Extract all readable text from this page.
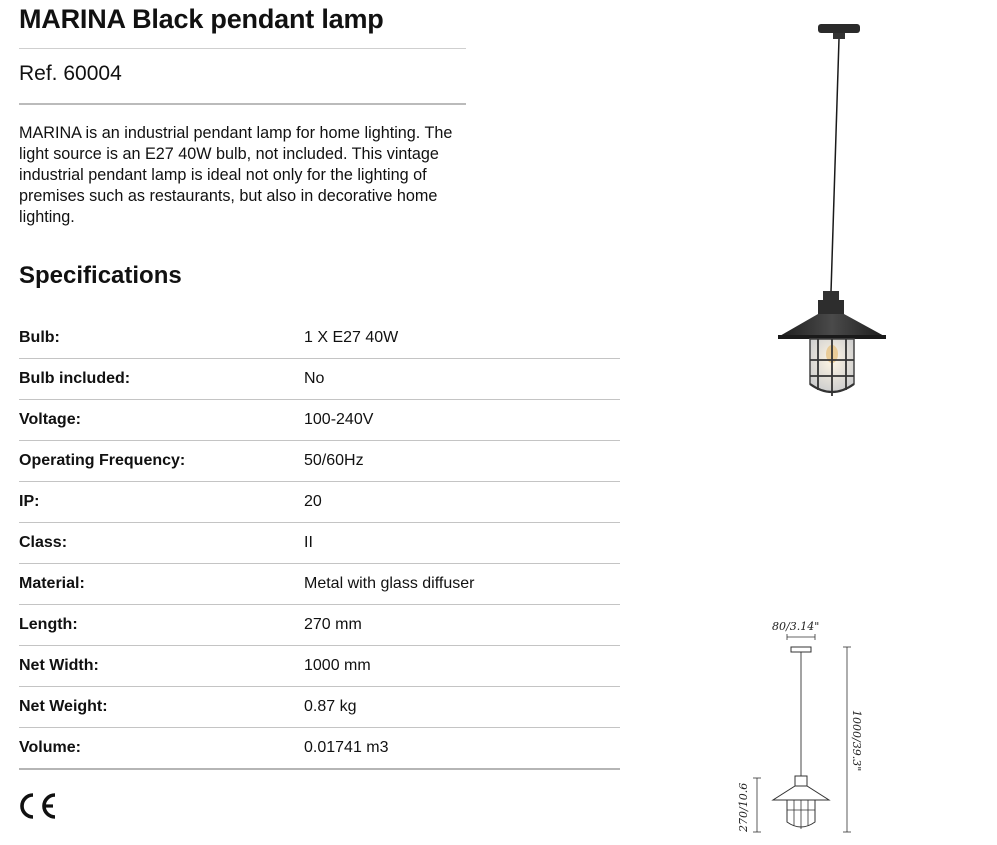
MARINA Black pendant lamp
Ref. 60004

MARINA is an industrial pendant lamp for home lighting. The light source is an E27 40W bulb, not included. This vintage industrial pendant lamp is ideal not only for the lighting of premises such as restaurants, but also in decorative home lighting.

Specifications
Bulb:	1 X E27 40W
Bulb included:	No
Voltage:	100-240V
Operating Frequency:	50/60Hz
IP:	20
Class:	II
Material:	Metal with glass diffuser
Length:	270 mm
Net Width:	1000 mm
Net Weight:	0.87 kg
Volume:	0.01741 m3
80/3.14"
1000/39.3"
270/10.6
